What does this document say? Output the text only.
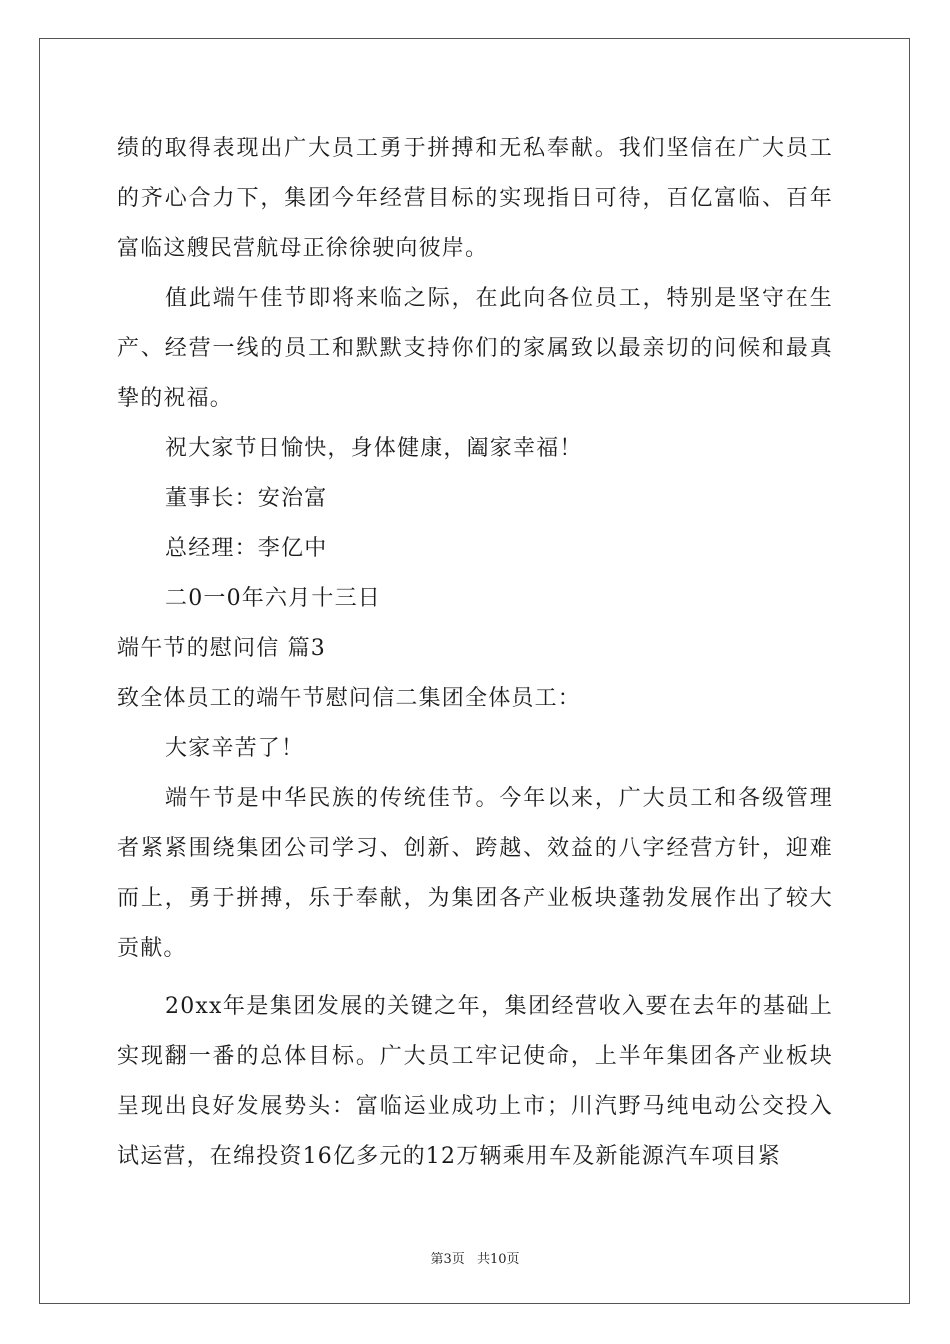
绩的取得表现出广大员工勇于拼搏和无私奉献。我们坚信在广大员工的齐心合力下，集团今年经营目标的实现指日可待，百亿富临、百年富临这艘民营航母正徐徐驶向彼岸。

值此端午佳节即将来临之际，在此向各位员工，特别是坚守在生产、经营一线的员工和默默支持你们的家属致以最亲切的问候和最真挚的祝福。

祝大家节日愉快，身体健康，阖家幸福！

董事长：安治富

总经理：李亿中

二0一0年六月十三日

端午节的慰问信 篇3

致全体员工的端午节慰问信二集团全体员工：

大家辛苦了！

端午节是中华民族的传统佳节。今年以来，广大员工和各级管理者紧紧围绕集团公司学习、创新、跨越、效益的八字经营方针，迎难而上，勇于拼搏，乐于奉献，为集团各产业板块蓬勃发展作出了较大贡献。

20xx年是集团发展的关键之年，集团经营收入要在去年的基础上实现翻一番的总体目标。广大员工牢记使命，上半年集团各产业板块呈现出良好发展势头：富临运业成功上市；川汽野马纯电动公交投入试运营，在绵投资16亿多元的12万辆乘用车及新能源汽车项目紧

第3页 共10页
